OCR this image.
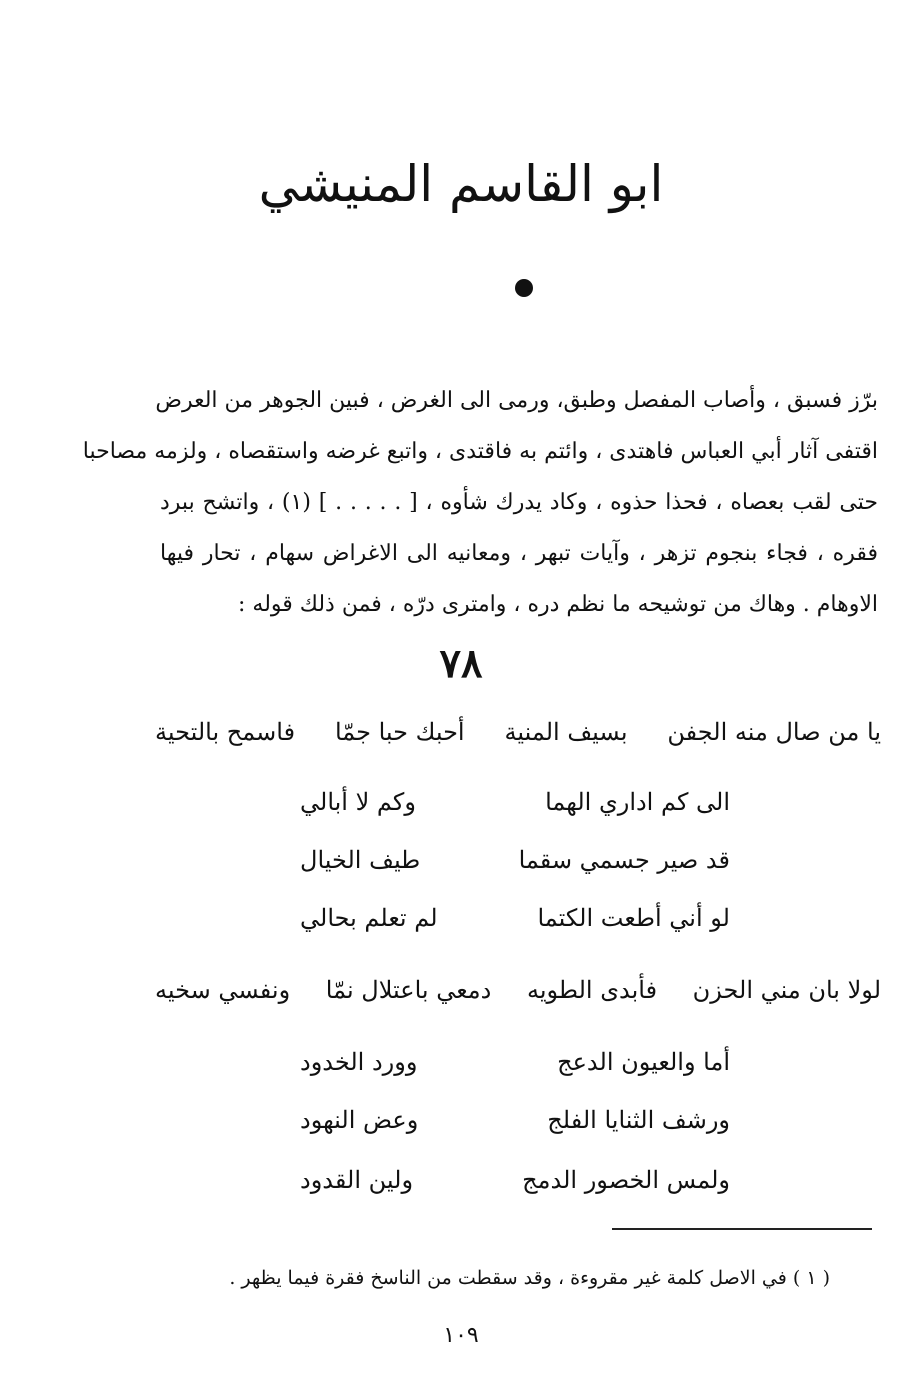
ابو القاسم المنيشي
برّز فسبق ، وأصاب المفصل وطبق، ورمى الى الغرض ، فبين الجوهر من العرض
اقتفى آثار أبي العباس فاهتدى ، وائتم به فاقتدى ، واتبع غرضه واستقصاه ، ولزمه مصاحبا
حتى لقب بعصاه ، فحذا حذوه ، وكاد يدرك شأوه ، [ . . . . . ] (١) ، واتشح ببرد
فقره ، فجاء بنجوم تزهر ، وآيات تبهر ، ومعانيه الى الاغراض سهام ، تحار فيها
الاوهام . وهاك من توشيحه ما نظم دره ، وامترى درّه ، فمن ذلك قوله :
٧٨
يا من صال منه الجفن
بسيف المنية
أحبك حبا جمّا
فاسمح بالتحية
الى كم اداري الهما
وكم لا أبالي
قد صير جسمي سقما
طيف الخيال
لو أني أطعت الكتما
لم تعلم بحالي
لولا بان مني الحزن
فأبدى الطويه
دمعي باعتلال نمّا
ونفسي سخيه
أما والعيون الدعج
وورد الخدود
ورشف الثنايا الفلج
وعض النهود
ولمس الخصور الدمج
ولين القدود
( ١ ) في الاصل كلمة غير مقروءة ، وقد سقطت من الناسخ فقرة فيما يظهر .
١٠٩
